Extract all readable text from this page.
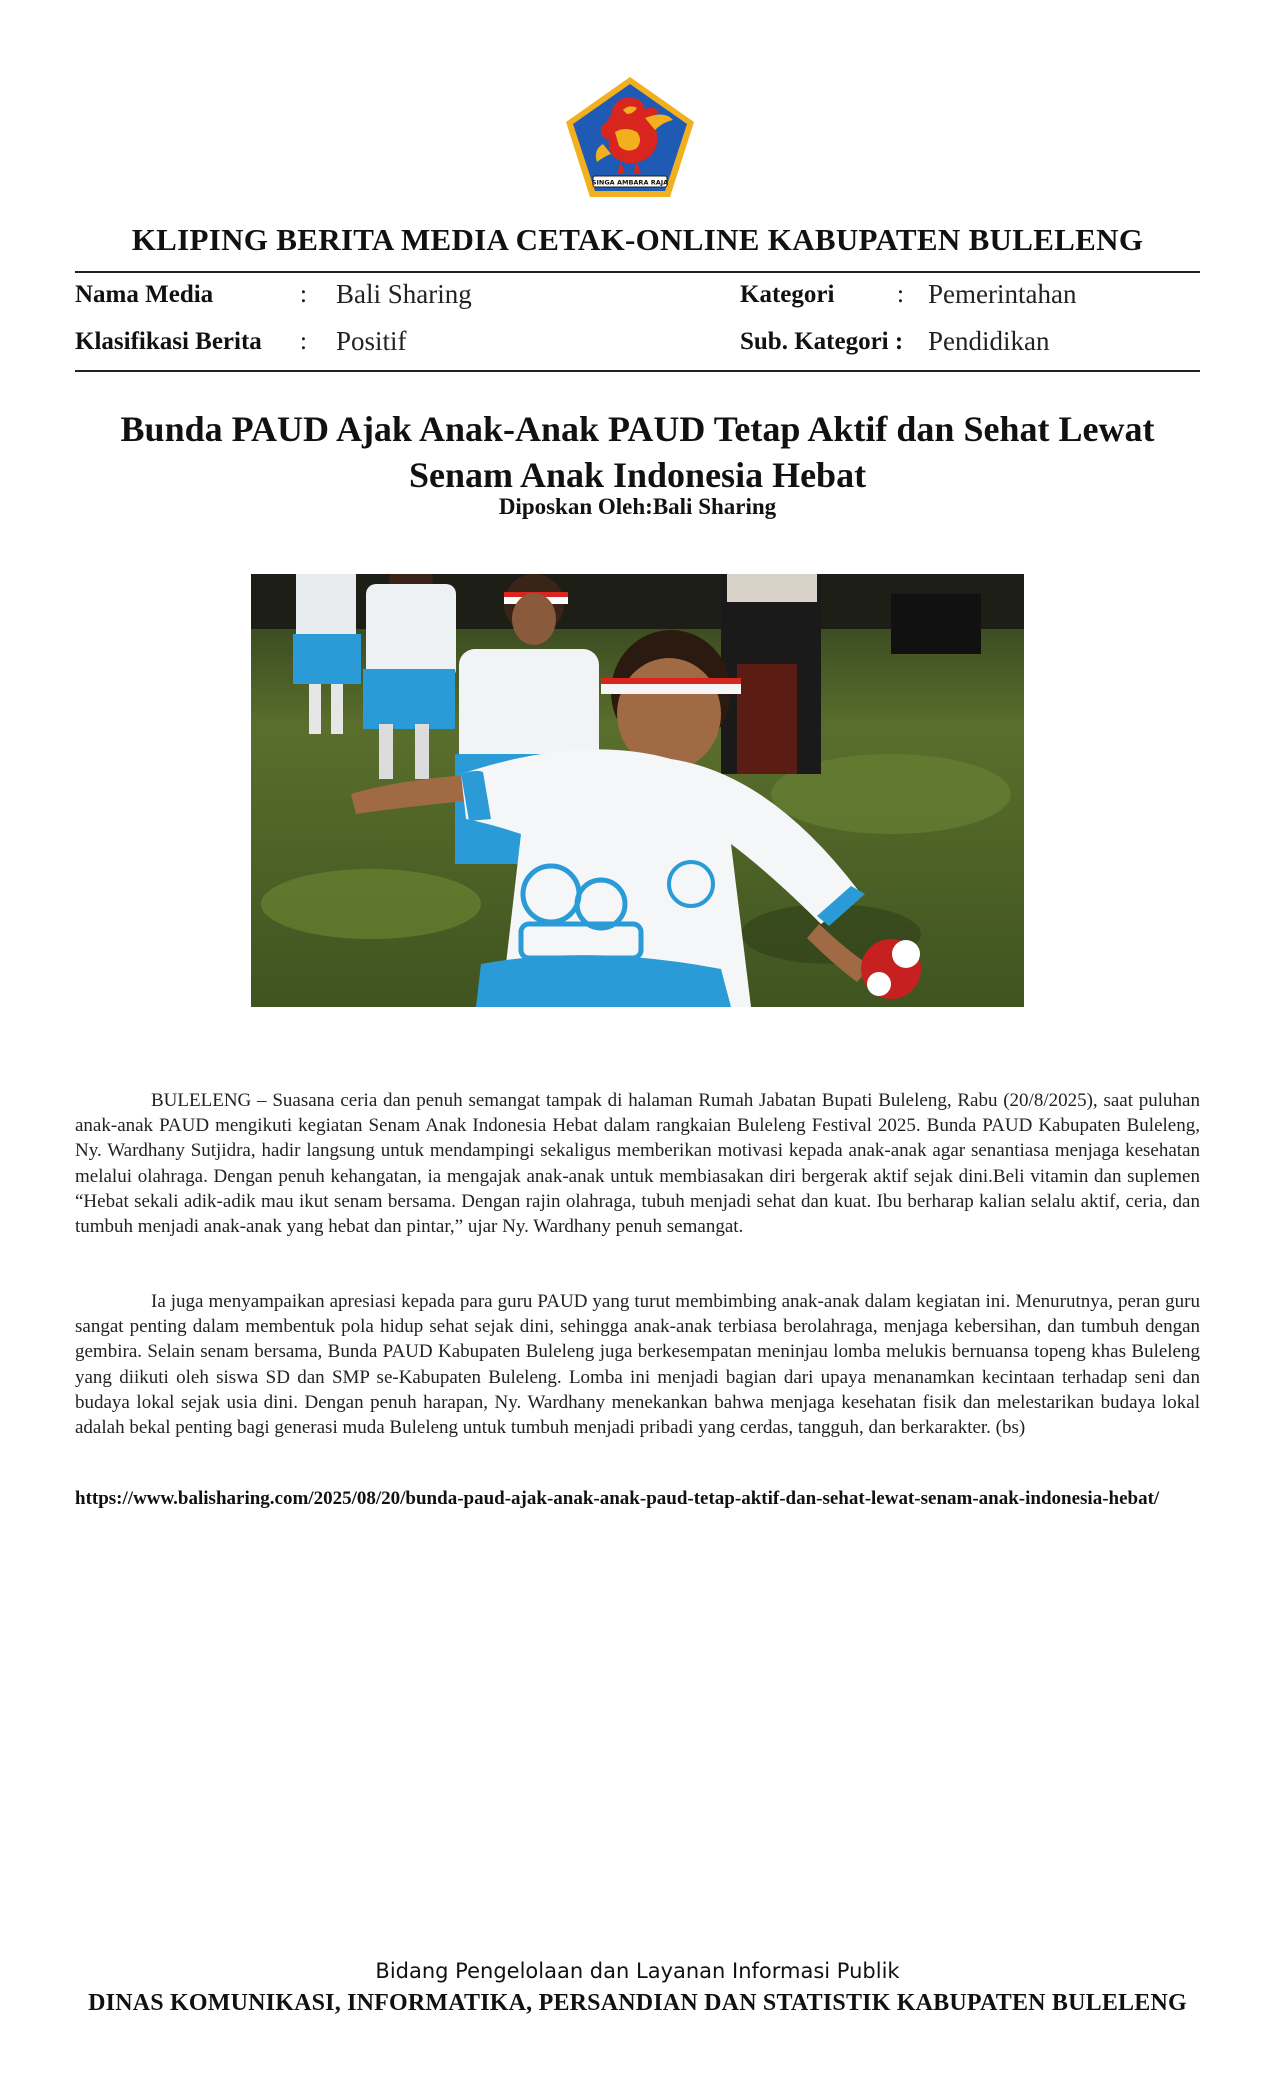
SINGA AMBARA RAJA
KLIPING BERITA MEDIA CETAK-ONLINE KABUPATEN BULELENG
Nama Media	: Bali Sharing	Kategori	: Pemerintahan
Klasifikasi Berita : Positif	Sub. Kategori : Pendidikan
Bunda PAUD Ajak Anak-Anak PAUD Tetap Aktif dan Sehat Lewat Senam Anak Indonesia Hebat
Diposkan Oleh:Bali Sharing

BULELENG – Suasana ceria dan penuh semangat tampak di halaman Rumah Jabatan Bupati Buleleng, Rabu (20/8/2025), saat puluhan anak-anak PAUD mengikuti kegiatan Senam Anak Indonesia Hebat dalam rangkaian Buleleng Festival 2025. Bunda PAUD Kabupaten Buleleng, Ny. Wardhany Sutjidra, hadir langsung untuk mendampingi sekaligus memberikan motivasi kepada anak-anak agar senantiasa menjaga kesehatan melalui olahraga. Dengan penuh kehangatan, ia mengajak anak-anak untuk membiasakan diri bergerak aktif sejak dini.Beli vitamin dan suplemen “Hebat sekali adik-adik mau ikut senam bersama. Dengan rajin olahraga, tubuh menjadi sehat dan kuat. Ibu berharap kalian selalu aktif, ceria, dan tumbuh menjadi anak-anak yang hebat dan pintar,” ujar Ny. Wardhany penuh semangat.

Ia juga menyampaikan apresiasi kepada para guru PAUD yang turut membimbing anak-anak dalam kegiatan ini. Menurutnya, peran guru sangat penting dalam membentuk pola hidup sehat sejak dini, sehingga anak-anak terbiasa berolahraga, menjaga kebersihan, dan tumbuh dengan gembira. Selain senam bersama, Bunda PAUD Kabupaten Buleleng juga berkesempatan meninjau lomba melukis bernuansa topeng khas Buleleng yang diikuti oleh siswa SD dan SMP se-Kabupaten Buleleng. Lomba ini menjadi bagian dari upaya menanamkan kecintaan terhadap seni dan budaya lokal sejak usia dini. Dengan penuh harapan, Ny. Wardhany menekankan bahwa menjaga kesehatan fisik dan melestarikan budaya lokal adalah bekal penting bagi generasi muda Buleleng untuk tumbuh menjadi pribadi yang cerdas, tangguh, dan berkarakter. (bs)

https://www.balisharing.com/2025/08/20/bunda-paud-ajak-anak-anak-paud-tetap-aktif-dan-sehat-lewat-senam-anak-indonesia-hebat/
Bidang Pengelolaan dan Layanan Informasi Publik
DINAS KOMUNIKASI, INFORMATIKA, PERSANDIAN DAN STATISTIK KABUPATEN BULELENG
